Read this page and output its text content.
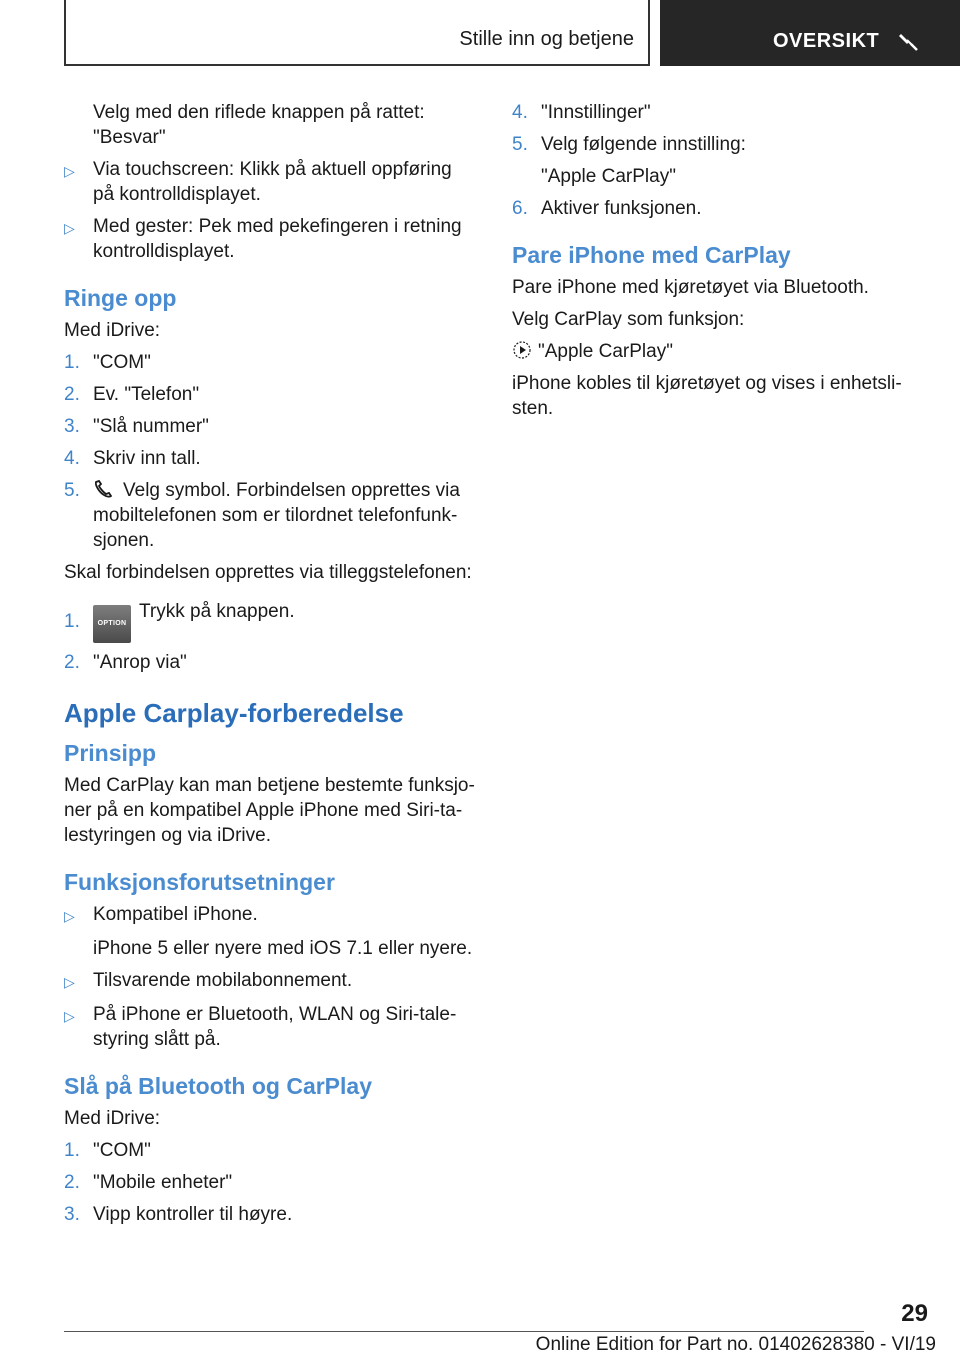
Stille inn og betjene	OVERSIKT
Velg med den riflede knappen på rattet: "Besvar"
▷ Via touchscreen: Klikk på aktuell oppføring på kontrolldisplayet.
▷ Med gester: Pek med pekefingeren i retning kontrolldisplayet.
Ringe opp
Med iDrive:
1. "COM"
2. Ev. "Telefon"
3. "Slå nummer"
4. Skriv inn tall.
5.	Velg symbol. Forbindelsen opprettes via mobiltelefonen som er tilordnet telefonfunk-sjonen.
Skal forbindelsen opprettes via tilleggstelefonen:
1.	OPTIONTrykk på knappen.
2. "Anrop via"
Apple Carplay-forberedelse
Prinsipp
Med CarPlay kan man betjene bestemte funksjo-ner på en kompatibel Apple iPhone med Siri-ta-lestyringen og via iDrive.
Funksjonsforutsetninger
▷ Kompatibel iPhone.
iPhone 5 eller nyere med iOS 7.1 eller nyere.
▷ Tilsvarende mobilabonnement.
▷ På iPhone er Bluetooth, WLAN og Siri-tale-styring slått på.
Slå på Bluetooth og CarPlay
Med iDrive:
1. "COM"
2. "Mobile enheter"
3. Vipp kontroller til høyre.
4. "Innstillinger"
5. Velg følgende innstilling:
"Apple CarPlay"
6. Aktiver funksjonen.
Pare iPhone med CarPlay
Pare iPhone med kjøretøyet via Bluetooth.
Velg CarPlay som funksjon:
"Apple CarPlay"
iPhone kobles til kjøretøyet og vises i enhetsli-sten.
29
Online Edition for Part no. 01402628380 - VI/19
